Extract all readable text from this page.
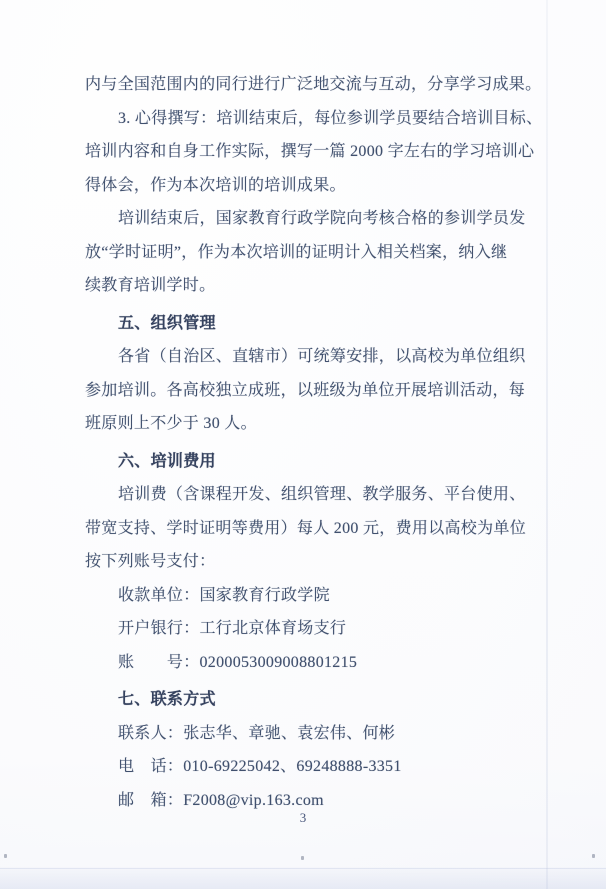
内与全国范围内的同行进行广泛地交流与互动，分享学习成果。
3. 心得撰写：培训结束后，每位参训学员要结合培训目标、
培训内容和自身工作实际，撰写一篇 2000 字左右的学习培训心
得体会，作为本次培训的培训成果。
培训结束后，国家教育行政学院向考核合格的参训学员发
放“学时证明”，作为本次培训的证明计入相关档案，纳入继
续教育培训学时。
五、组织管理
各省（自治区、直辖市）可统筹安排，以高校为单位组织
参加培训。各高校独立成班，以班级为单位开展培训活动，每
班原则上不少于 30 人。
六、培训费用
培训费（含课程开发、组织管理、教学服务、平台使用、
带宽支持、学时证明等费用）每人 200 元，费用以高校为单位
按下列账号支付：
收款单位：国家教育行政学院
开户银行：工行北京体育场支行
账　　号：0200053009008801215
七、联系方式
联系人：张志华、章驰、袁宏伟、何彬
电　话：010-69225042、69248888-3351
邮　箱：F2008@vip.163.com
3
